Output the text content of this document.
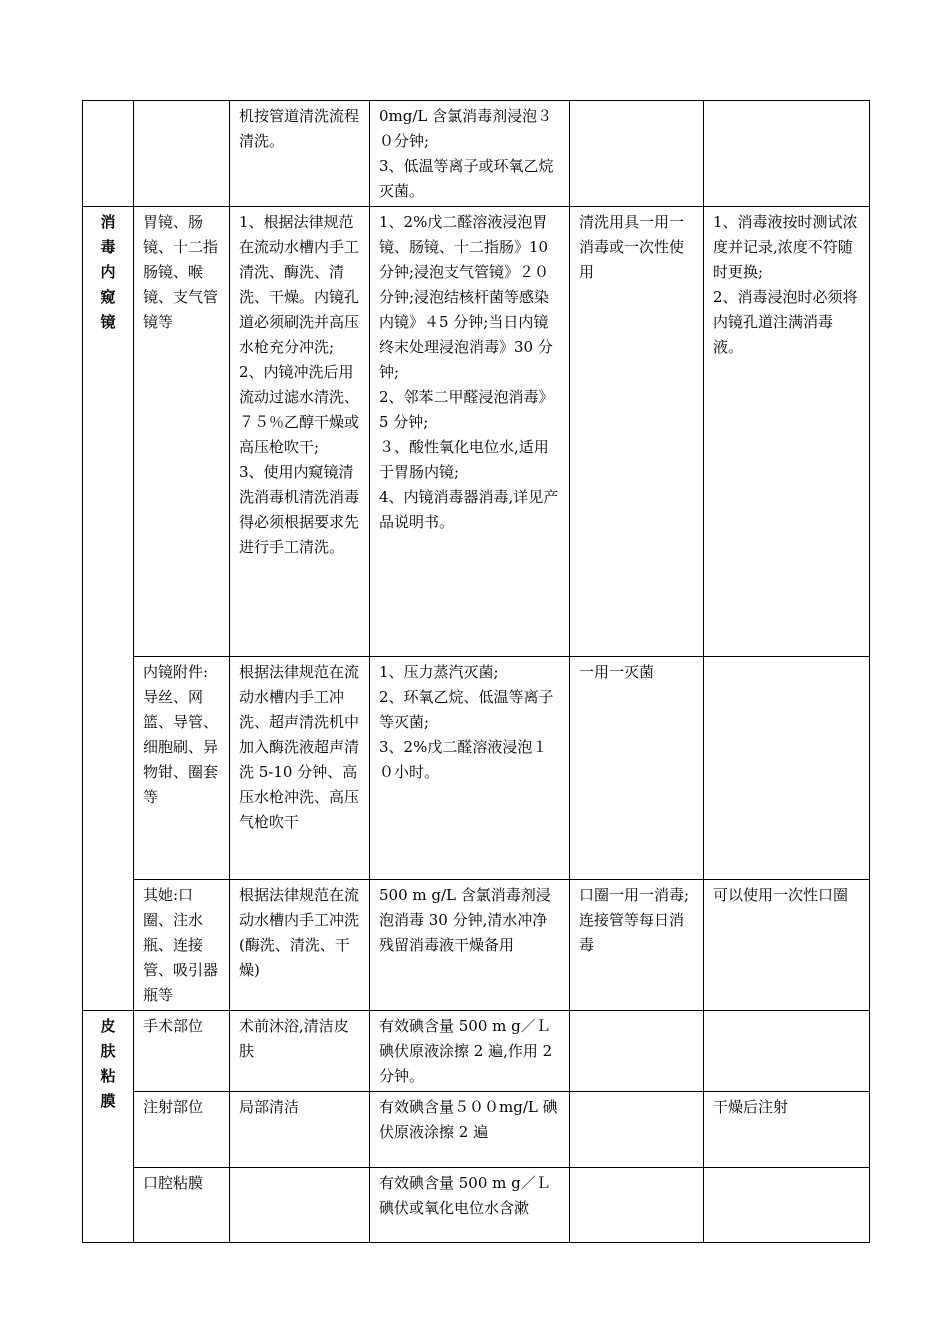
		机按管道清洗流程清洗。	0mg/L 含氯消毒剂浸泡３０分钟;
3、低温等离子或环氧乙烷灭菌。		
消
毒
内
窥
镜	胃镜、肠镜、十二指肠镜、喉镜、支气管镜等	1、根据法律规范在流动水槽内手工清洗、酶洗、清洗、干燥。内镜孔道必须刷洗并高压水枪充分冲洗;
2、内镜冲洗后用流动过滤水清洗、７５％乙醇干燥或高压枪吹干;
3、使用内窥镜清洗消毒机清洗消毒得必须根据要求先进行手工清洗。	1、2%戊二醛溶液浸泡胃镜、肠镜、十二指肠》10 分钟;浸泡支气管镜》２０分钟;浸泡结核杆菌等感染内镜》４5 分钟;当日内镜终末处理浸泡消毒》30 分钟;
2、邻苯二甲醛浸泡消毒》5 分钟;
３、酸性氧化电位水,适用于胃肠内镜;
4、内镜消毒器消毒,详见产品说明书。	清洗用具一用一消毒或一次性使用	1、消毒液按时测试浓度并记录,浓度不符随时更换;
2、消毒浸泡时必须将内镜孔道注满消毒液。
	内镜附件:导丝、网篮、导管、细胞刷、异物钳、圈套等	根据法律规范在流动水槽内手工冲洗、超声清洗机中加入酶洗液超声清洗 5-10 分钟、高压水枪冲洗、高压气枪吹干	1、压力蒸汽灭菌;
2、环氧乙烷、低温等离子等灭菌;
3、2%戊二醛溶液浸泡１０小时。	一用一灭菌	
	其她:口圈、注水瓶、连接管、吸引器瓶等	根据法律规范在流动水槽内手工冲洗(酶洗、清洗、干燥)	500 m g/L 含氯消毒剂浸泡消毒 30 分钟,清水冲净残留消毒液干燥备用	口圈一用一消毒;连接管等每日消毒	可以使用一次性口圈
皮
肤
粘
膜	手术部位	术前沐浴,清洁皮肤	有效碘含量 500 m g／Ｌ碘伏原液涂擦 2 遍,作用 2 分钟。		
	注射部位	局部清洁	有效碘含量５００mg/L 碘伏原液涂擦 2 遍		干燥后注射
	口腔粘膜		有效碘含量 500 m g／Ｌ碘伏或氧化电位水含漱		
